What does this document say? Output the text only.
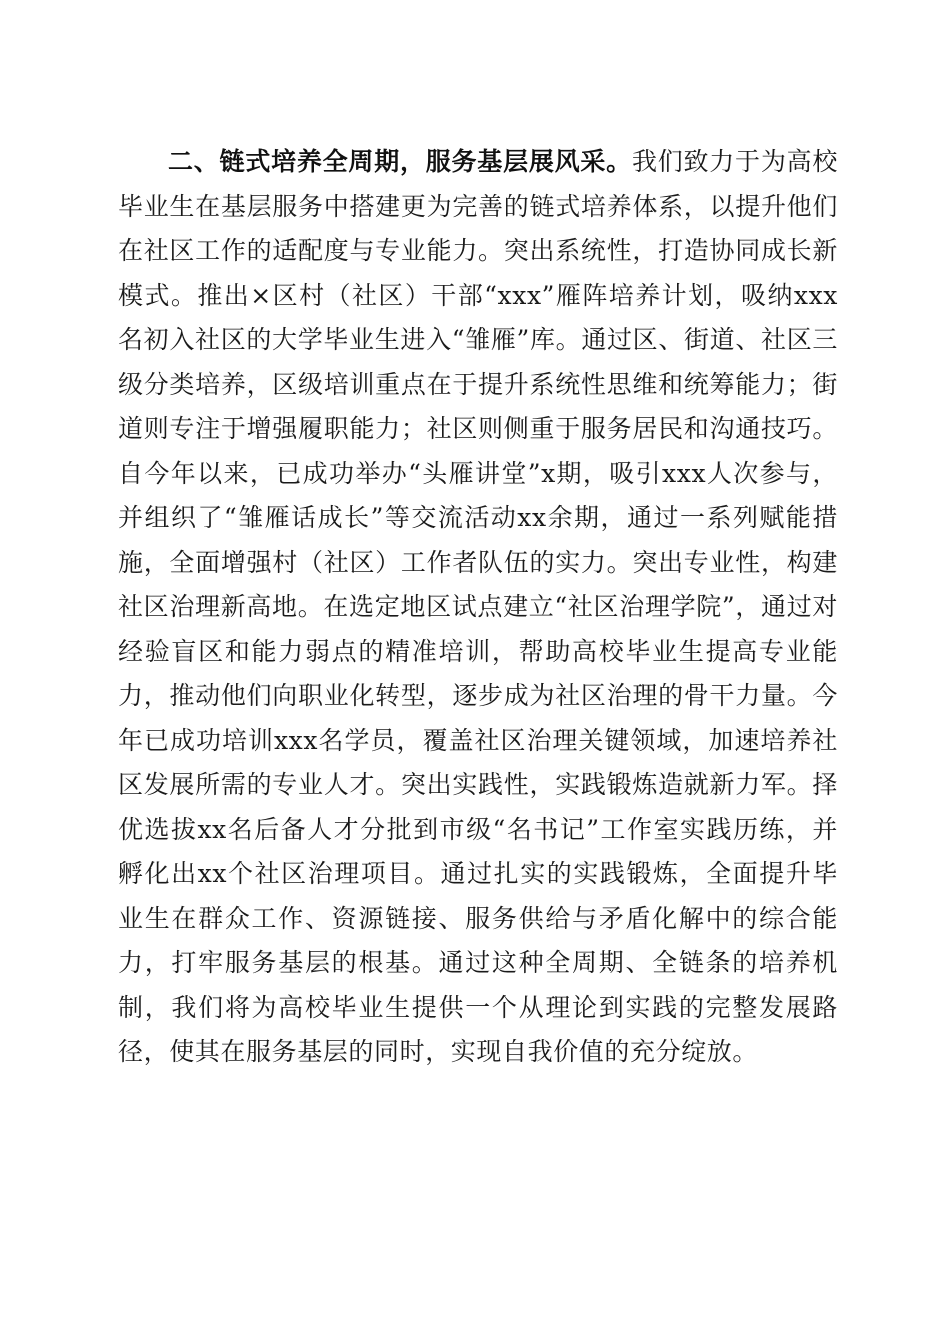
二、链式培养全周期，服务基层展风采。我们致力于为高校毕业生在基层服务中搭建更为完善的链式培养体系，以提升他们在社区工作的适配度与专业能力。突出系统性，打造协同成长新模式。推出×区村（社区）干部“xxx”雁阵培养计划，吸纳xxx名初入社区的大学毕业生进入“雏雁”库。通过区、街道、社区三级分类培养，区级培训重点在于提升系统性思维和统筹能力；街道则专注于增强履职能力；社区则侧重于服务居民和沟通技巧。自今年以来，已成功举办“头雁讲堂”x期，吸引xxx人次参与，并组织了“雏雁话成长”等交流活动xx余期，通过一系列赋能措施，全面增强村（社区）工作者队伍的实力。突出专业性，构建社区治理新高地。在选定地区试点建立“社区治理学院”，通过对经验盲区和能力弱点的精准培训，帮助高校毕业生提高专业能力，推动他们向职业化转型，逐步成为社区治理的骨干力量。今年已成功培训xxx名学员，覆盖社区治理关键领域，加速培养社区发展所需的专业人才。突出实践性，实践锻炼造就新力军。择优选拔xx名后备人才分批到市级“名书记”工作室实践历练，并孵化出xx个社区治理项目。通过扎实的实践锻炼，全面提升毕业生在群众工作、资源链接、服务供给与矛盾化解中的综合能力，打牢服务基层的根基。通过这种全周期、全链条的培养机制，我们将为高校毕业生提供一个从理论到实践的完整发展路径，使其在服务基层的同时，实现自我价值的充分绽放。
